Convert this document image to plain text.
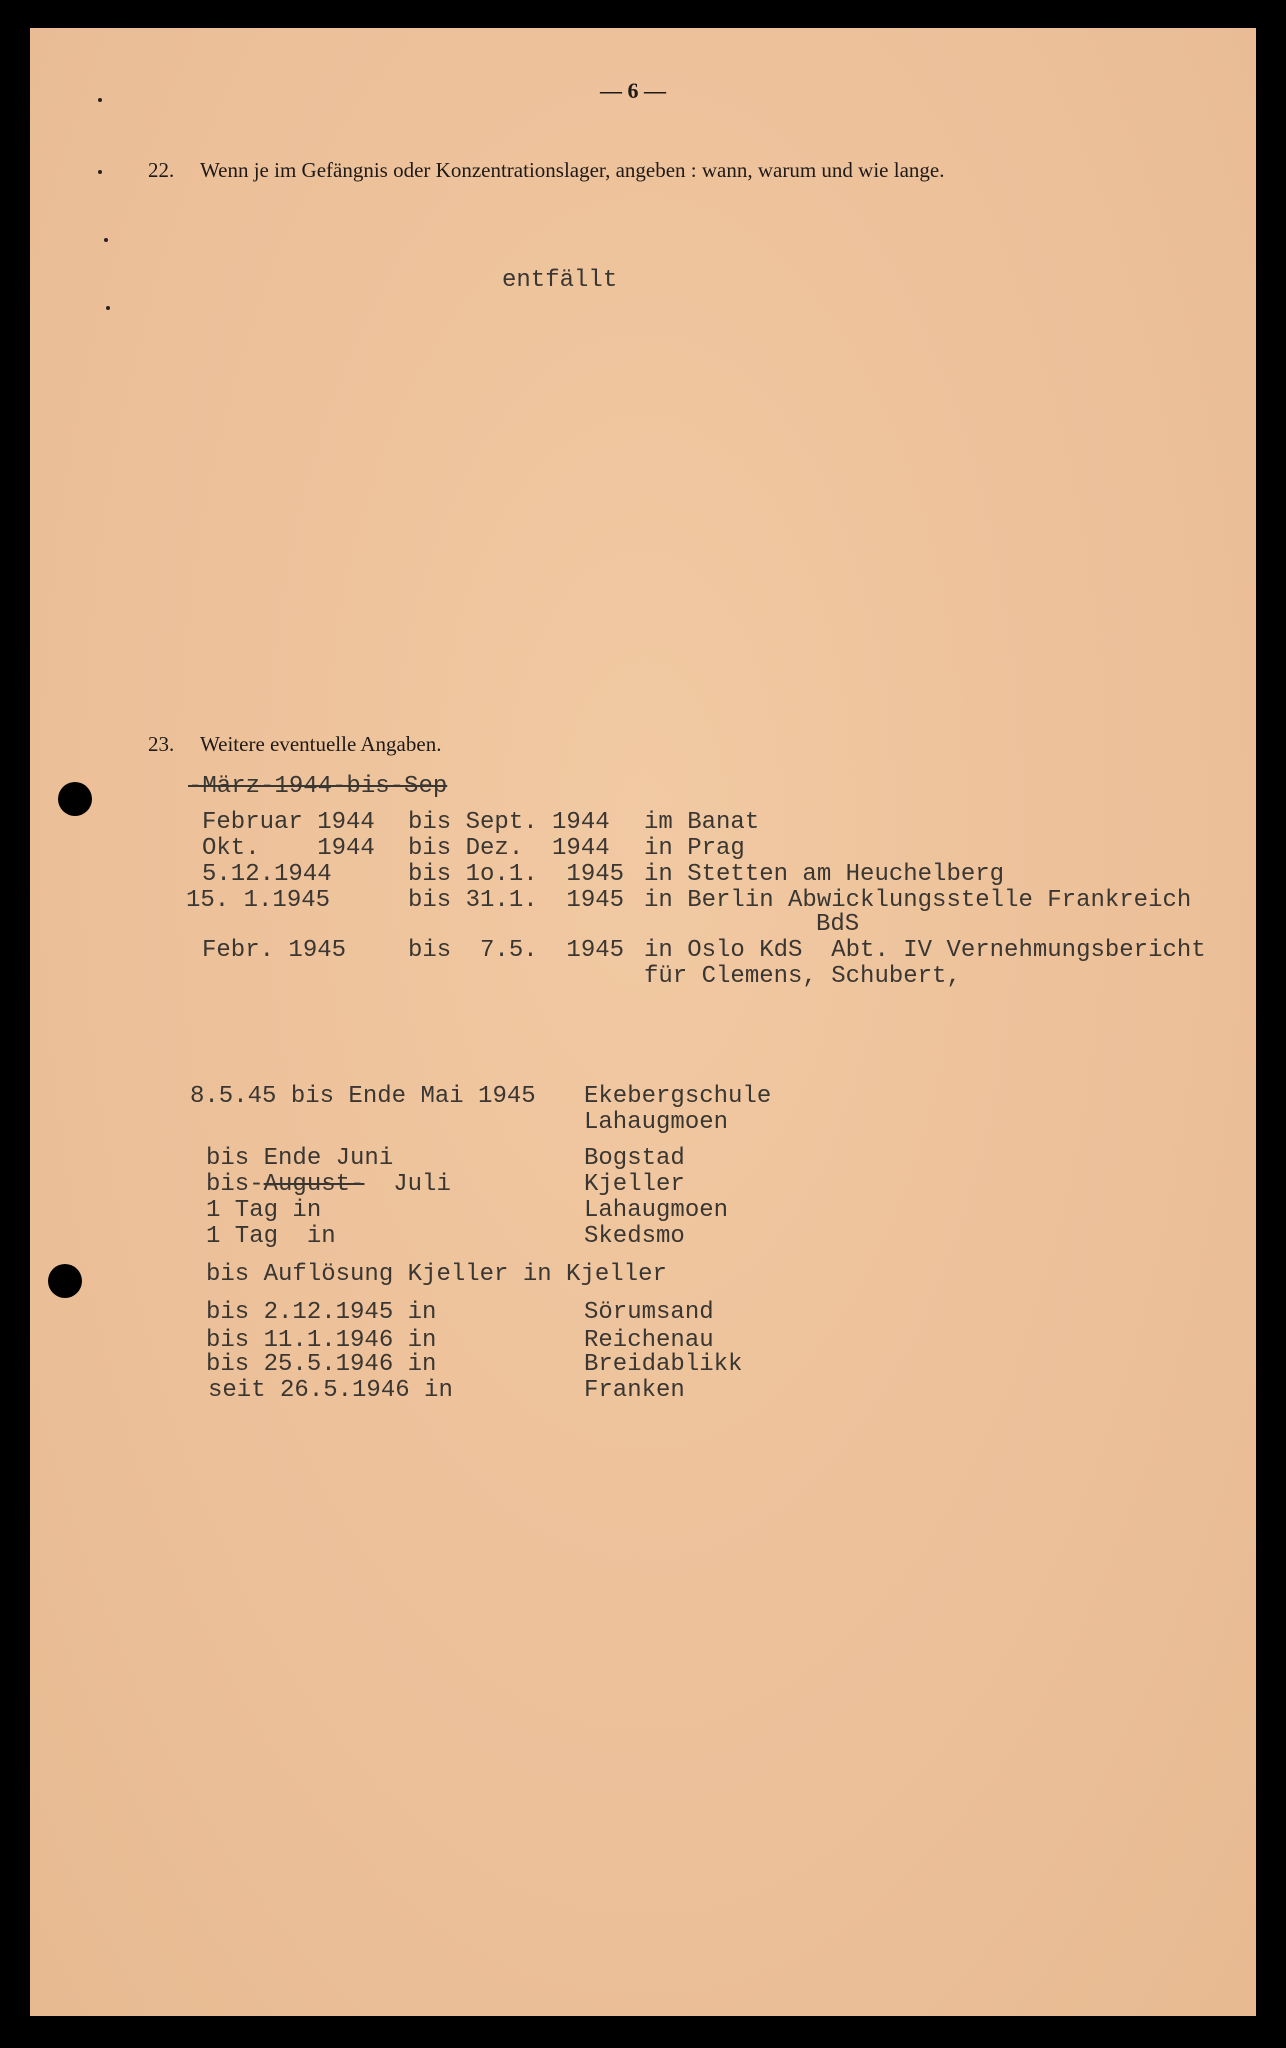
— 6 —
22. Wenn je im Gefängnis oder Konzentrationslager, angeben : wann, warum und wie lange.
entfällt
23. Weitere eventuelle Angaben.
-März-1944-bis-Sep
Februar 1944 bis Sept. 1944 im Banat
Okt.    1944 bis Dez.  1944 in Prag
5.12.1944	bis 1o.1.  1945 in Stetten am Heuchelberg
15. 1.1945	bis 31.1.  1945 in Berlin Abwicklungsstelle Frankreich
BdS
Febr. 1945	bis  7.5.  1945 in Oslo KdS  Abt. IV Vernehmungsbericht
für Clemens, Schubert,
8.5.45 bis Ende Mai 1945 Ekebergschule
Lahaugmoen
bis Ende Juni	Bogstad
bis-August-  Juli	Kjeller
1 Tag in	Lahaugmoen
1 Tag  in	Skedsmo
bis Auflösung Kjeller in Kjeller
bis 2.12.1945 in	Sörumsand
bis 11.1.1946 in	Reichenau
bis 25.5.1946 in	Breidablikk
seit 26.5.1946 in	Franken
